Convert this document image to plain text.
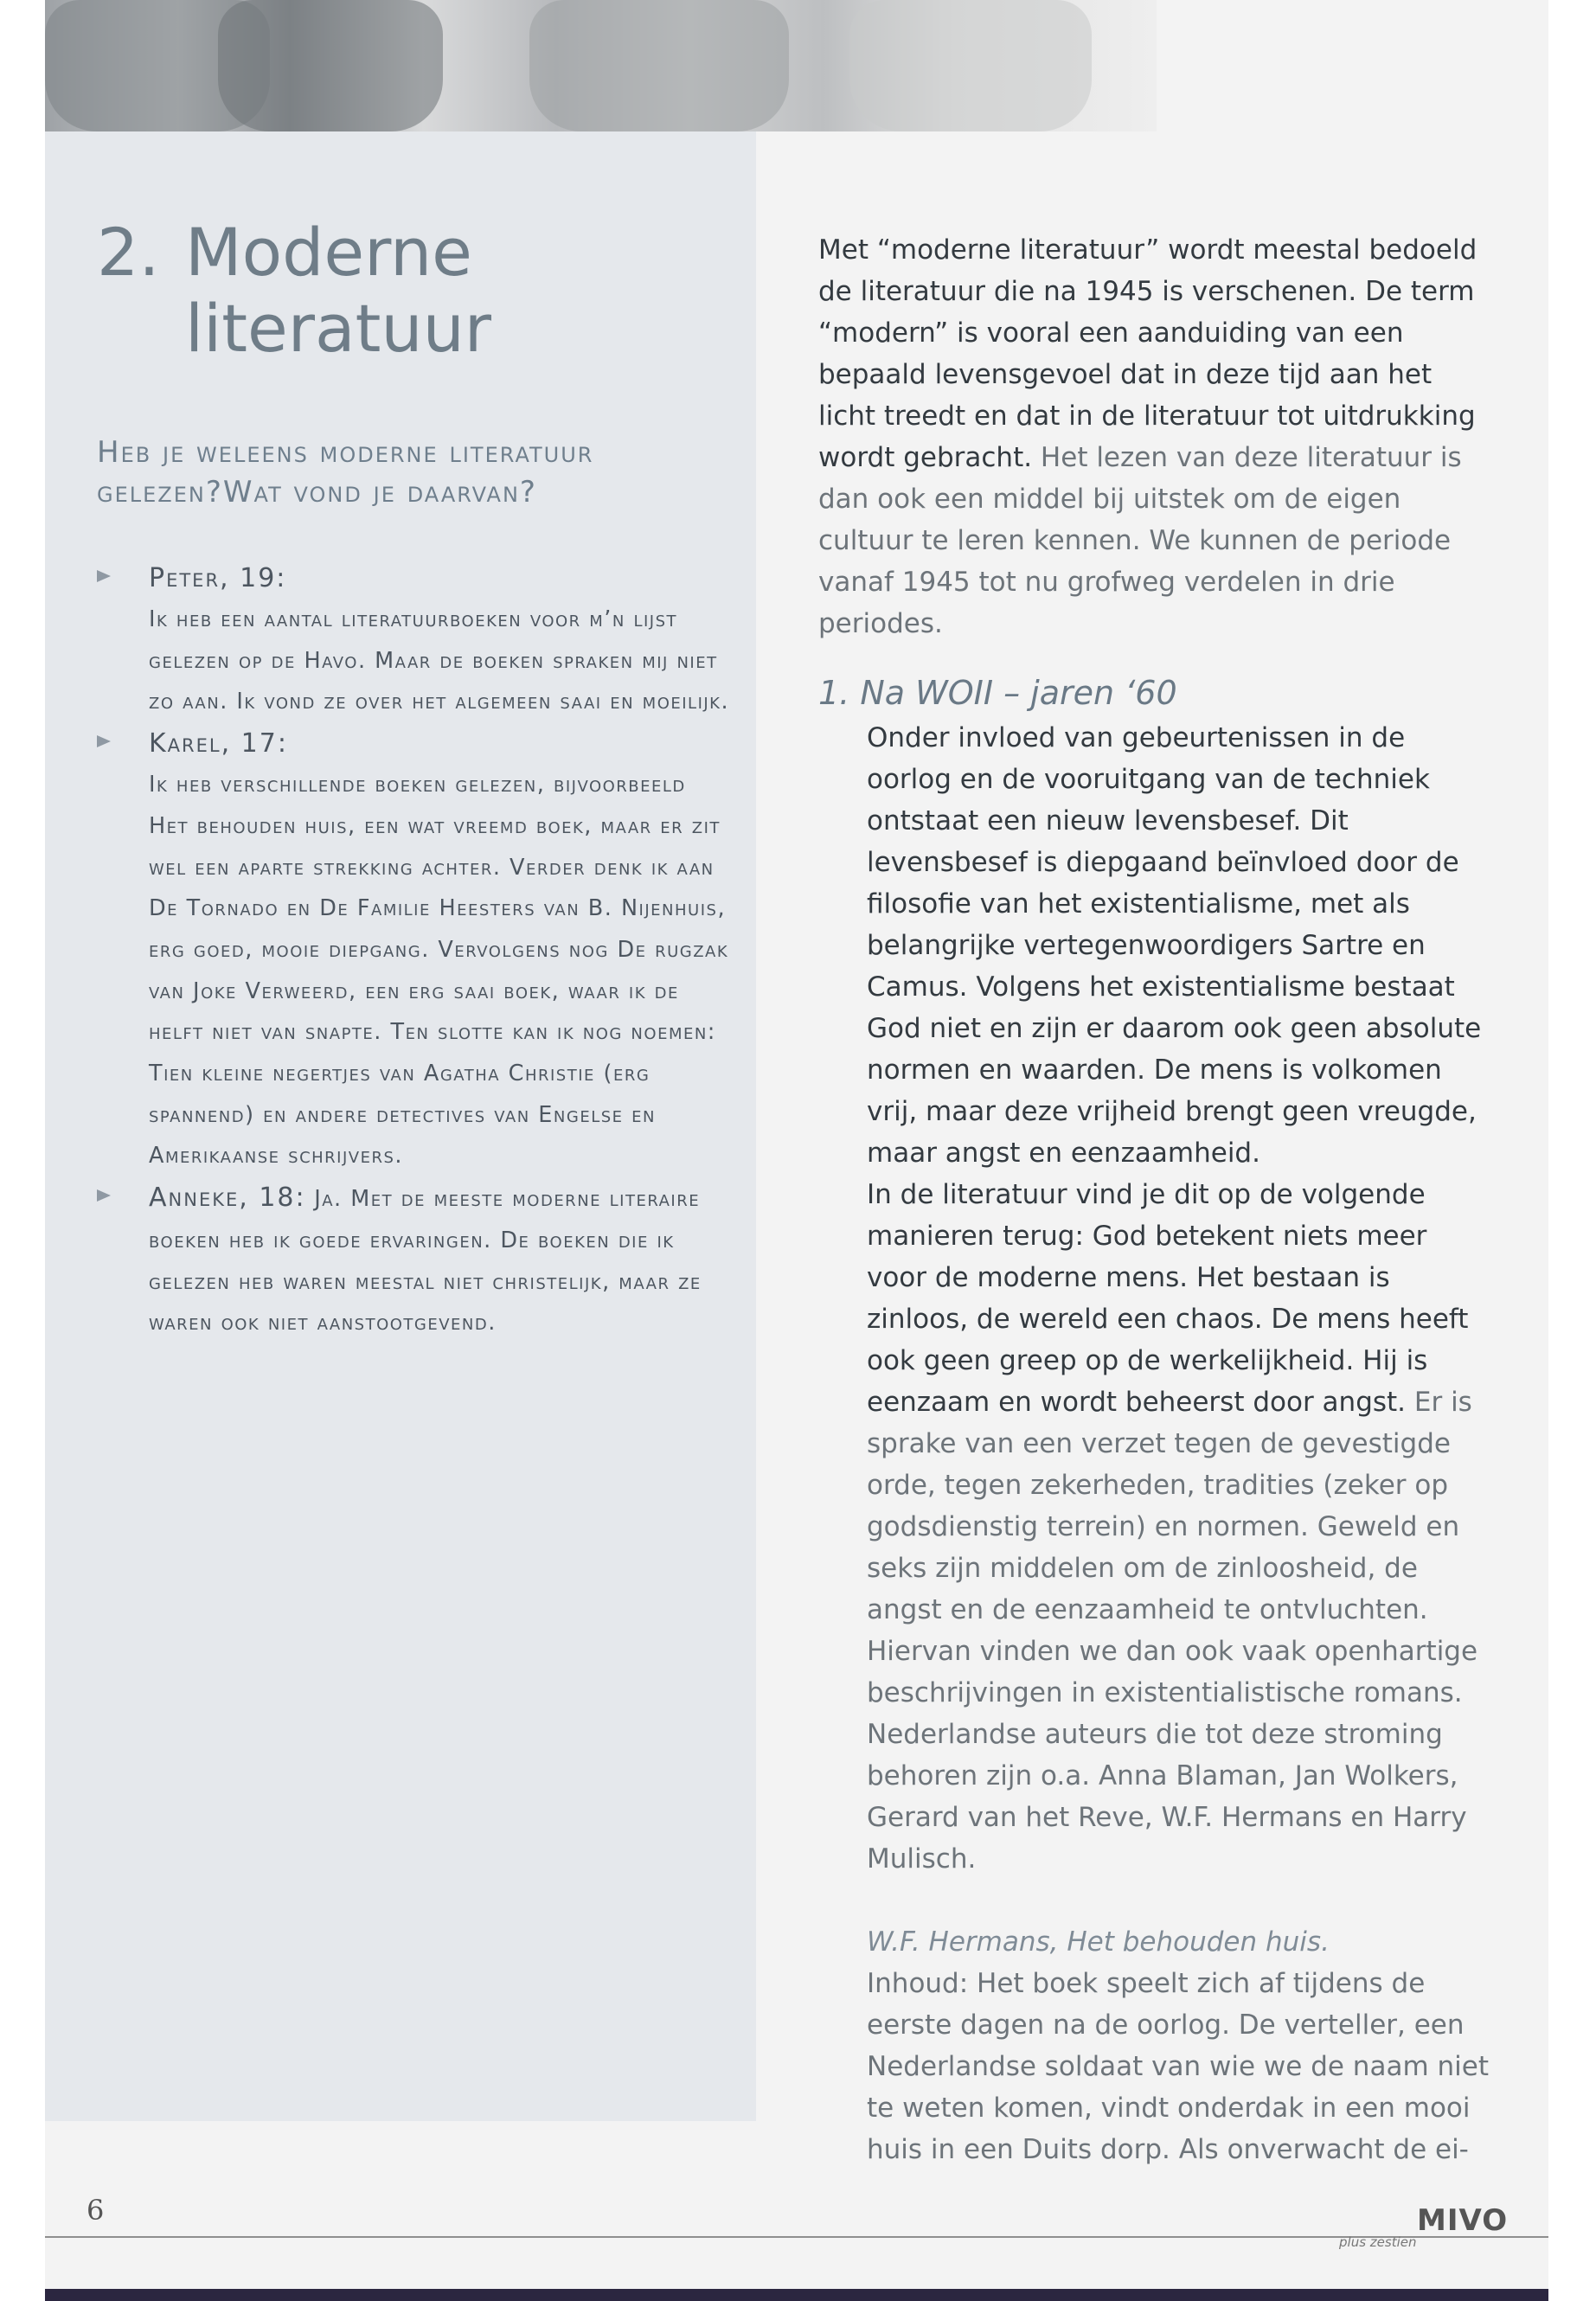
2. Moderne
literatuur
Heb je weleens moderne literatuur gelezen?Wat vond je daarvan?
Peter, 19:
Ik heb een aantal literatuurboeken voor m’n lijst gelezen op de Havo. Maar de boeken spraken mij niet zo aan. Ik vond ze over het algemeen saai en moeilijk.
Karel, 17:
Ik heb verschillende boeken gelezen, bijvoorbeeld Het behouden huis, een wat vreemd boek, maar er zit wel een aparte strekking achter. Verder denk ik aan De Tornado en De Familie Heesters van B. Nijenhuis, erg goed, mooie diepgang. Vervolgens nog De rugzak van Joke Verweerd, een erg saai boek, waar ik de helft niet van snapte. Ten slotte kan ik nog noemen: Tien kleine negertjes van Agatha Christie (erg spannend) en andere detectives van Engelse en Amerikaanse schrijvers.
Anneke, 18: Ja. Met de meeste moderne literaire boeken heb ik goede ervaringen. De boeken die ik gelezen heb waren meestal niet christelijk, maar ze waren ook niet aanstootgevend.

Met “moderne literatuur” wordt meestal bedoeld de literatuur die na 1945 is verschenen. De term “modern” is vooral een aanduiding van een bepaald levensgevoel dat in deze tijd aan het licht treedt en dat in de literatuur tot uitdrukking wordt gebracht. Het lezen van deze literatuur is dan ook een middel bij uitstek om de eigen cultuur te leren kennen. We kunnen de periode vanaf 1945 tot nu grofweg verdelen in drie periodes.

1. Na WOII – jaren ‘60

Onder invloed van gebeurtenissen in de oorlog en de vooruitgang van de techniek ontstaat een nieuw levensbesef. Dit levensbesef is diepgaand beïnvloed door de filosofie van het existentialisme, met als belangrijke vertegenwoordigers Sartre en Camus. Volgens het existentialisme bestaat God niet en zijn er daarom ook geen absolute normen en waarden. De mens is volkomen vrij, maar deze vrijheid brengt geen vreugde, maar angst en eenzaamheid.

In de literatuur vind je dit op de volgende manieren terug: God betekent niets meer voor de moderne mens. Het bestaan is zinloos, de wereld een chaos. De mens heeft ook geen greep op de werkelijkheid. Hij is eenzaam en wordt beheerst door angst. Er is sprake van een verzet tegen de gevestigde orde, tegen zekerheden, tradities (zeker op godsdienstig terrein) en normen. Geweld en seks zijn middelen om de zinloosheid, de angst en de eenzaamheid te ontvluchten. Hiervan vinden we dan ook vaak openhartige beschrijvingen in existentialistische romans.

Nederlandse auteurs die tot deze stroming behoren zijn o.a. Anna Blaman, Jan Wolkers, Gerard van het Reve, W.F. Hermans en Harry Mulisch.

W.F. Hermans, Het behouden huis.

Inhoud: Het boek speelt zich af tijdens de eerste dagen na de oorlog. De verteller, een Nederlandse soldaat van wie we de naam niet te weten komen, vindt onderdak in een mooi huis in een Duits dorp. Als onverwacht de ei-

6	MIVO
plus zestien
